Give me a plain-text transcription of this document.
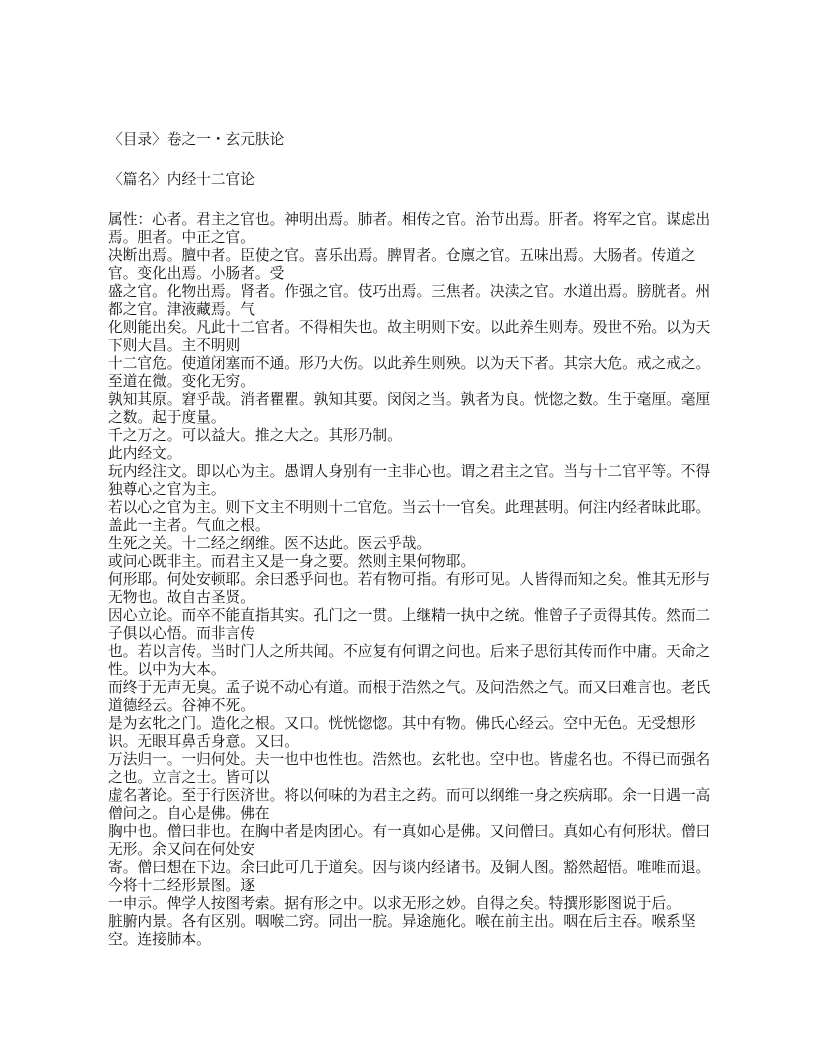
〈目录〉卷之一・玄元肤论

〈篇名〉内经十二官论

属性：心者。君主之官也。神明出焉。肺者。相传之官。治节出焉。肝者。将军之官。谋虑出焉。胆者。中正之官。

决断出焉。膻中者。臣使之官。喜乐出焉。脾胃者。仓廪之官。五味出焉。大肠者。传道之官。变化出焉。小肠者。受

盛之官。化物出焉。肾者。作强之官。伎巧出焉。三焦者。决渎之官。水道出焉。膀胱者。州都之官。津液藏焉。气

化则能出矣。凡此十二官者。不得相失也。故主明则下安。以此养生则寿。殁世不殆。以为天下则大昌。主不明则

十二官危。使道闭塞而不通。形乃大伤。以此养生则殃。以为天下者。其宗大危。戒之戒之。至道在微。变化无穷。

孰知其原。窘乎哉。消者瞿瞿。孰知其要。闵闵之当。孰者为良。恍惚之数。生于毫厘。毫厘之数。起于度量。

千之万之。可以益大。推之大之。其形乃制。

此内经文。

玩内经注文。即以心为主。愚谓人身别有一主非心也。谓之君主之官。当与十二官平等。不得独尊心之官为主。

若以心之官为主。则下文主不明则十二官危。当云十一官矣。此理甚明。何注内经者昧此耶。盖此一主者。气血之根。

生死之关。十二经之纲维。医不达此。医云乎哉。

或问心既非主。而君主又是一身之要。然则主果何物耶。

何形耶。何处安顿耶。余曰悉乎问也。若有物可指。有形可见。人皆得而知之矣。惟其无形与无物也。故自古圣贤。

因心立论。而卒不能直指其实。孔门之一贯。上继精一执中之统。惟曾子子贡得其传。然而二子俱以心悟。而非言传

也。若以言传。当时门人之所共闻。不应复有何谓之问也。后来子思衍其传而作中庸。天命之性。以中为大本。

而终于无声无臭。孟子说不动心有道。而根于浩然之气。及问浩然之气。而又曰难言也。老氏道德经云。谷神不死。

是为玄牝之门。造化之根。又口。恍恍惚惚。其中有物。佛氏心经云。空中无色。无受想形识。无眼耳鼻舌身意。又曰。

万法归一。一归何处。夫一也中也性也。浩然也。玄牝也。空中也。皆虚名也。不得已而强名之也。立言之士。皆可以

虚名著论。至于行医济世。将以何味的为君主之药。而可以纲维一身之疾病耶。余一日遇一高僧问之。自心是佛。佛在

胸中也。僧曰非也。在胸中者是肉团心。有一真如心是佛。又问僧曰。真如心有何形状。僧曰无形。余又问在何处安

寄。僧曰想在下边。余曰此可几于道矣。因与谈内经诸书。及铜人图。豁然超悟。唯唯而退。今将十二经形景图。逐

一申示。俾学人按图考索。据有形之中。以求无形之妙。自得之矣。特撰形影图说于后。

脏腑内景。各有区别。咽喉二窍。同出一脘。异途施化。喉在前主出。咽在后主吞。喉系坚空。连接肺本。
